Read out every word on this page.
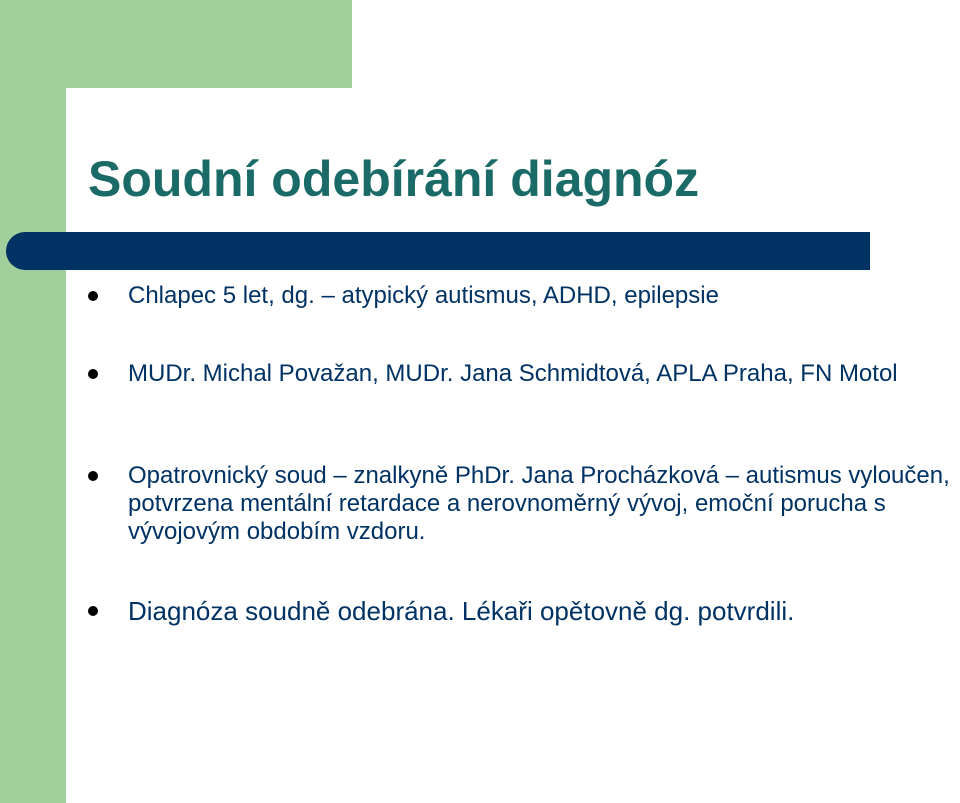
Soudní odebírání diagnóz
Chlapec 5 let, dg. – atypický autismus, ADHD, epilepsie
MUDr. Michal Považan, MUDr. Jana Schmidtová, APLA Praha, FN Motol
Opatrovnický soud – znalkyně PhDr. Jana Procházková – autismus vyloučen, potvrzena mentální retardace a nerovnoměrný vývoj, emoční porucha s vývojovým obdobím vzdoru.
Diagnóza soudně odebrána. Lékaři opětovně dg. potvrdili.
